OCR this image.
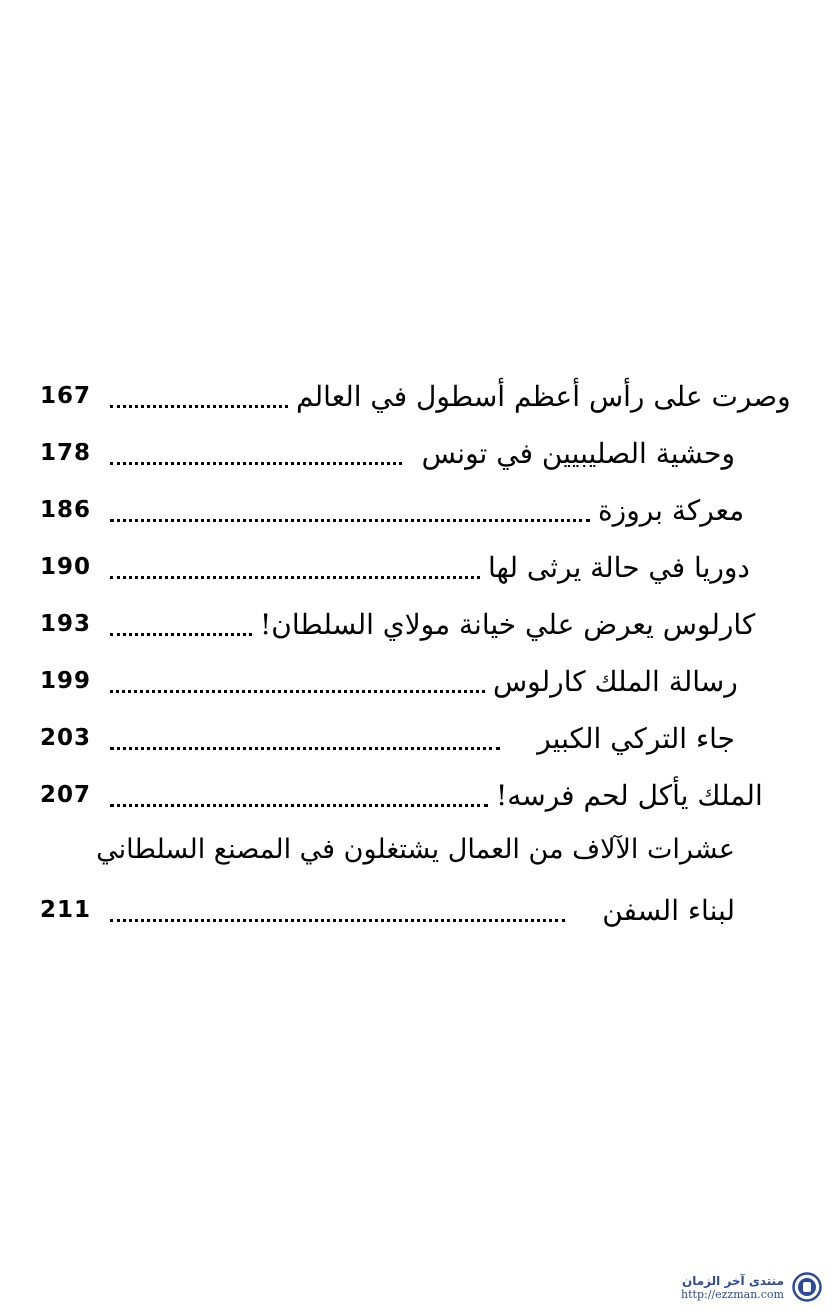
167	وصرت على رأس أعظم أسطول في العالم
178	وحشية الصليبيين في تونس
186	معركة بروزة
190	دوريا في حالة يرثى لها
193	كارلوس يعرض علي خيانة مولاي السلطان!
199	رسالة الملك كارلوس
203	جاء التركي الكبير
207	الملك يأكل لحم فرسه!
عشرات الآلاف من العمال يشتغلون في المصنع السلطاني
211	لبناء السفن
منتدى آخر الزمان
http://ezzman.com
